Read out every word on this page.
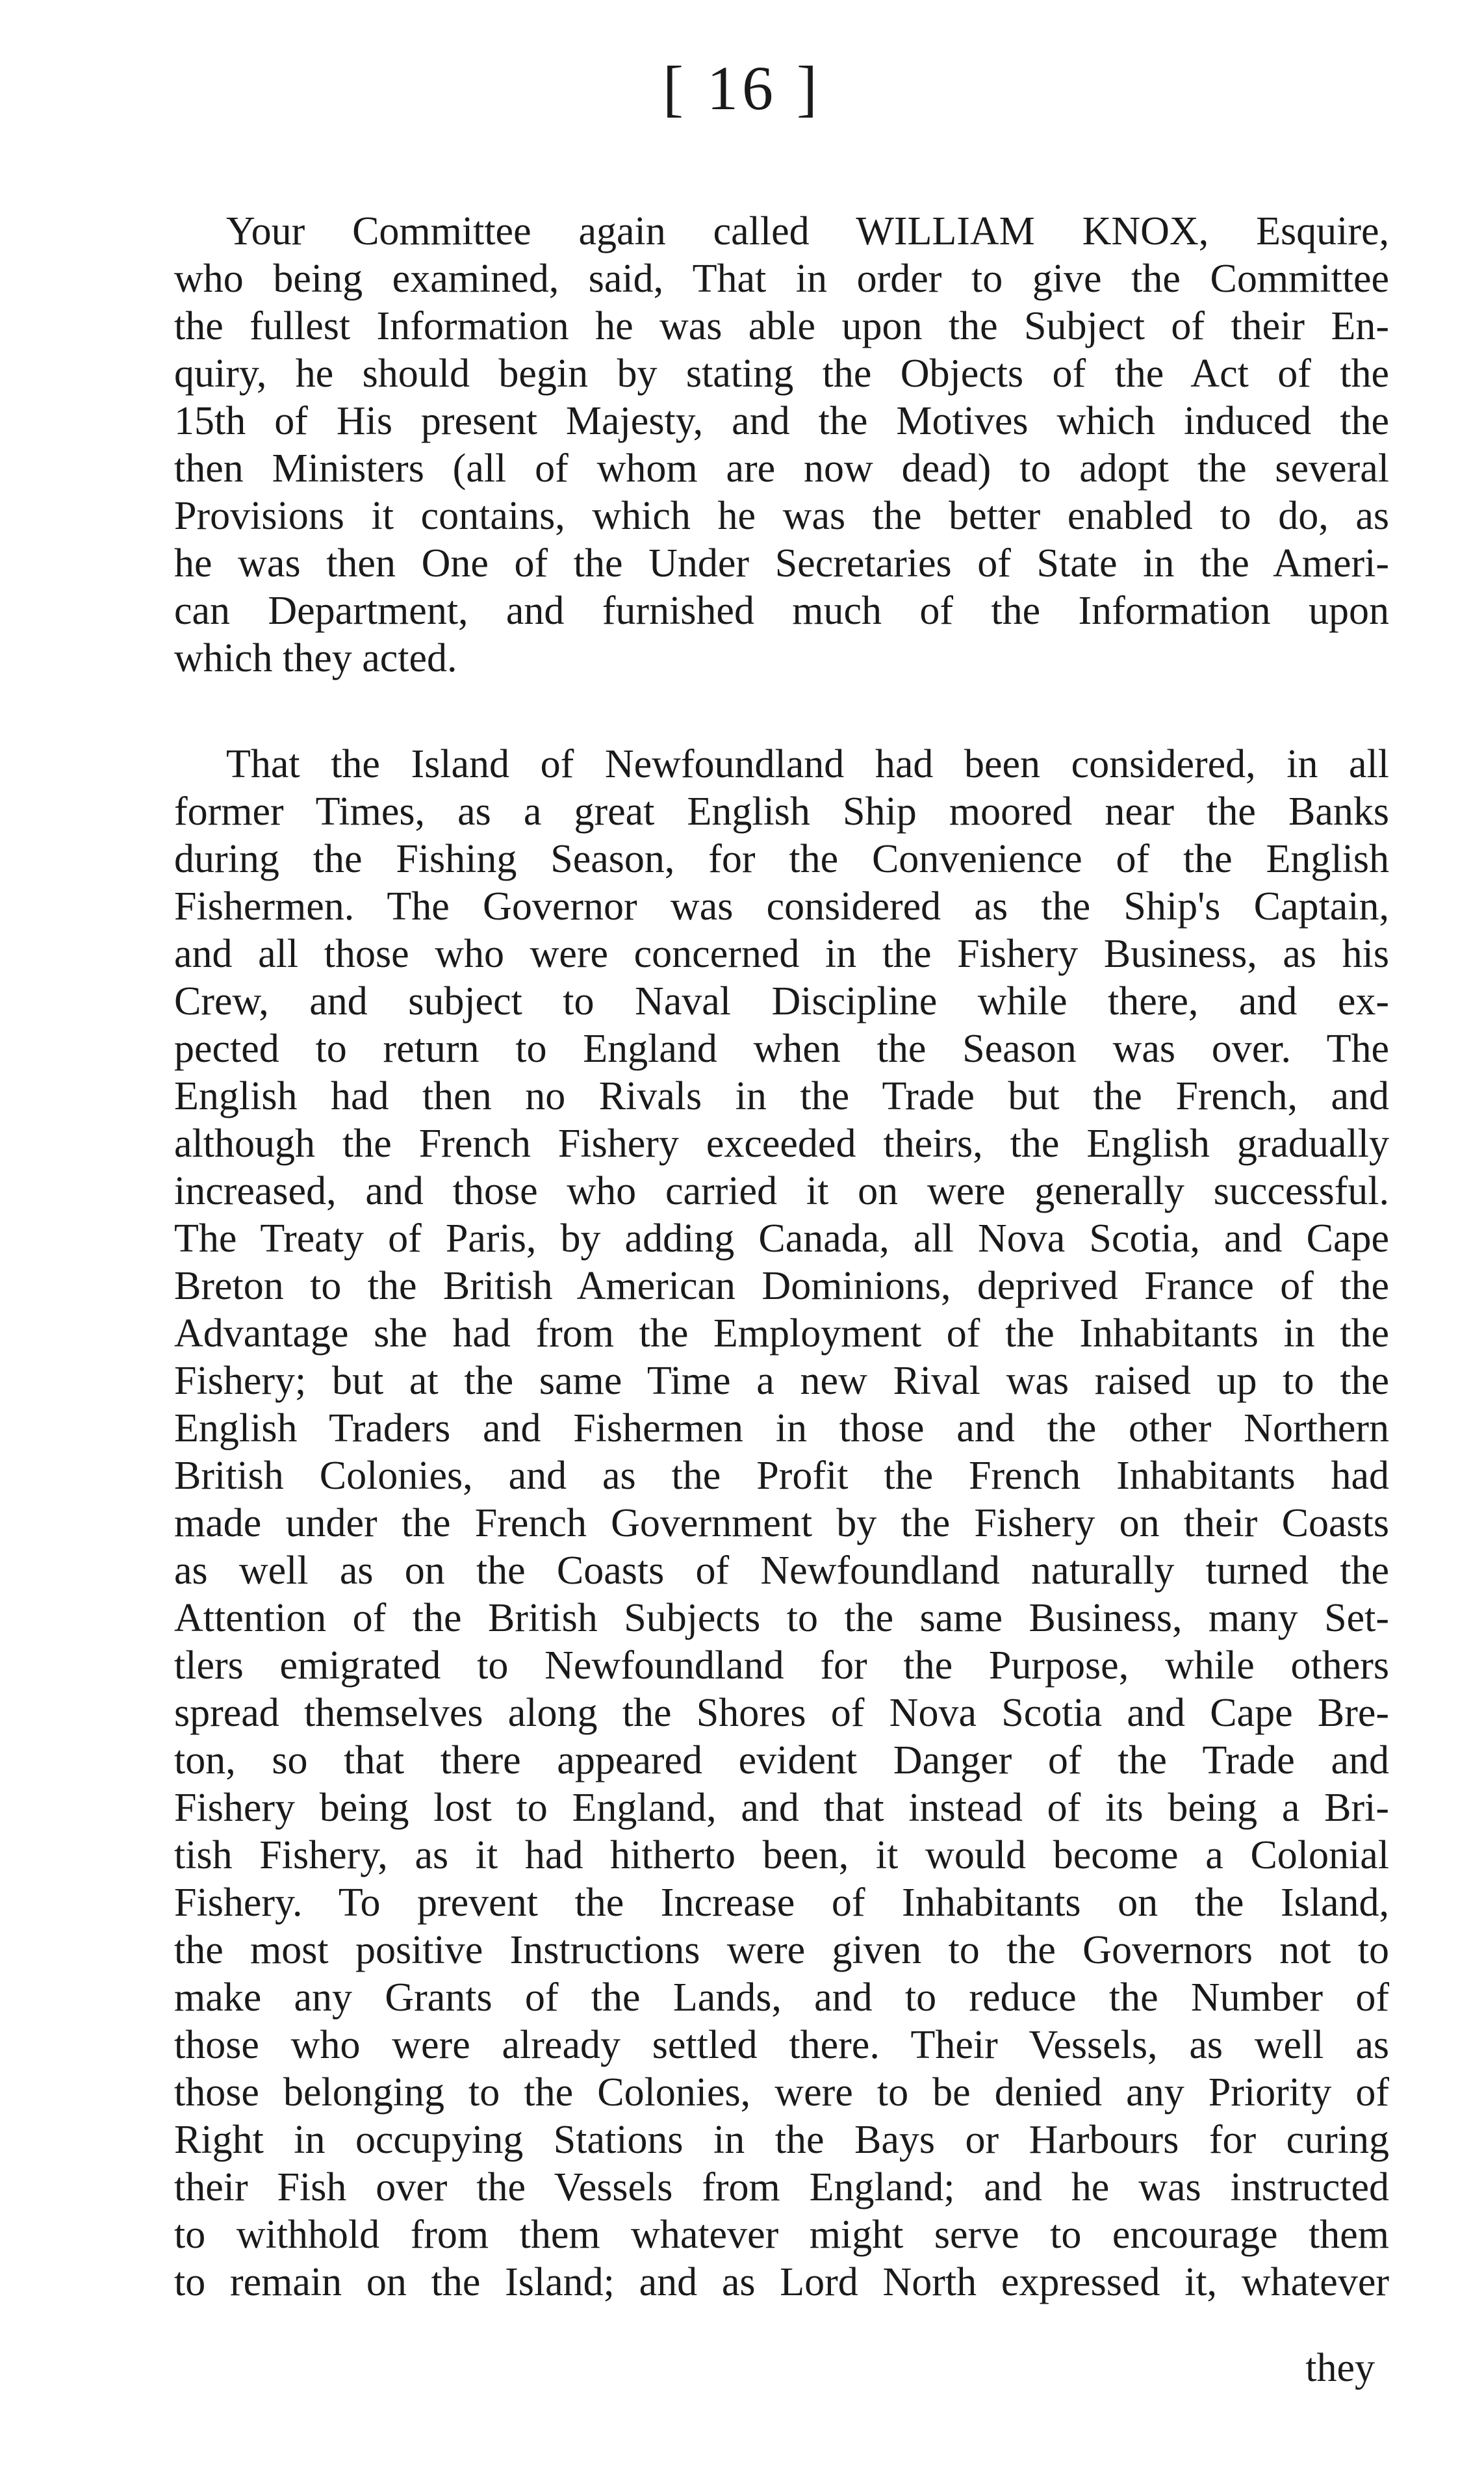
[ 16 ]
Your Committee again called WILLIAM KNOX, Esquire,
who being examined, said, That in order to give the Committee
the fullest Information he was able upon the Subject of their En-
quiry, he should begin by stating the Objects of the Act of the
15th of His present Majesty, and the Motives which induced the
then Ministers (all of whom are now dead) to adopt the several
Provisions it contains, which he was the better enabled to do, as
he was then One of the Under Secretaries of State in the Ameri-
can Department, and furnished much of the Information upon
which they acted.
That the Island of Newfoundland had been considered, in all
former Times, as a great English Ship moored near the Banks
during the Fishing Season, for the Convenience of the English
Fishermen. The Governor was considered as the Ship's Captain,
and all those who were concerned in the Fishery Business, as his
Crew, and subject to Naval Discipline while there, and ex-
pected to return to England when the Season was over. The
English had then no Rivals in the Trade but the French, and
although the French Fishery exceeded theirs, the English gradually
increased, and those who carried it on were generally successful.
The Treaty of Paris, by adding Canada, all Nova Scotia, and Cape
Breton to the British American Dominions, deprived France of the
Advantage she had from the Employment of the Inhabitants in the
Fishery; but at the same Time a new Rival was raised up to the
English Traders and Fishermen in those and the other Northern
British Colonies, and as the Profit the French Inhabitants had
made under the French Government by the Fishery on their Coasts
as well as on the Coasts of Newfoundland naturally turned the
Attention of the British Subjects to the same Business, many Set-
tlers emigrated to Newfoundland for the Purpose, while others
spread themselves along the Shores of Nova Scotia and Cape Bre-
ton, so that there appeared evident Danger of the Trade and
Fishery being lost to England, and that instead of its being a Bri-
tish Fishery, as it had hitherto been, it would become a Colonial
Fishery. To prevent the Increase of Inhabitants on the Island,
the most positive Instructions were given to the Governors not to
make any Grants of the Lands, and to reduce the Number of
those who were already settled there. Their Vessels, as well as
those belonging to the Colonies, were to be denied any Priority of
Right in occupying Stations in the Bays or Harbours for curing
their Fish over the Vessels from England; and he was instructed
to withhold from them whatever might serve to encourage them
to remain on the Island; and as Lord North expressed it, whatever
they
